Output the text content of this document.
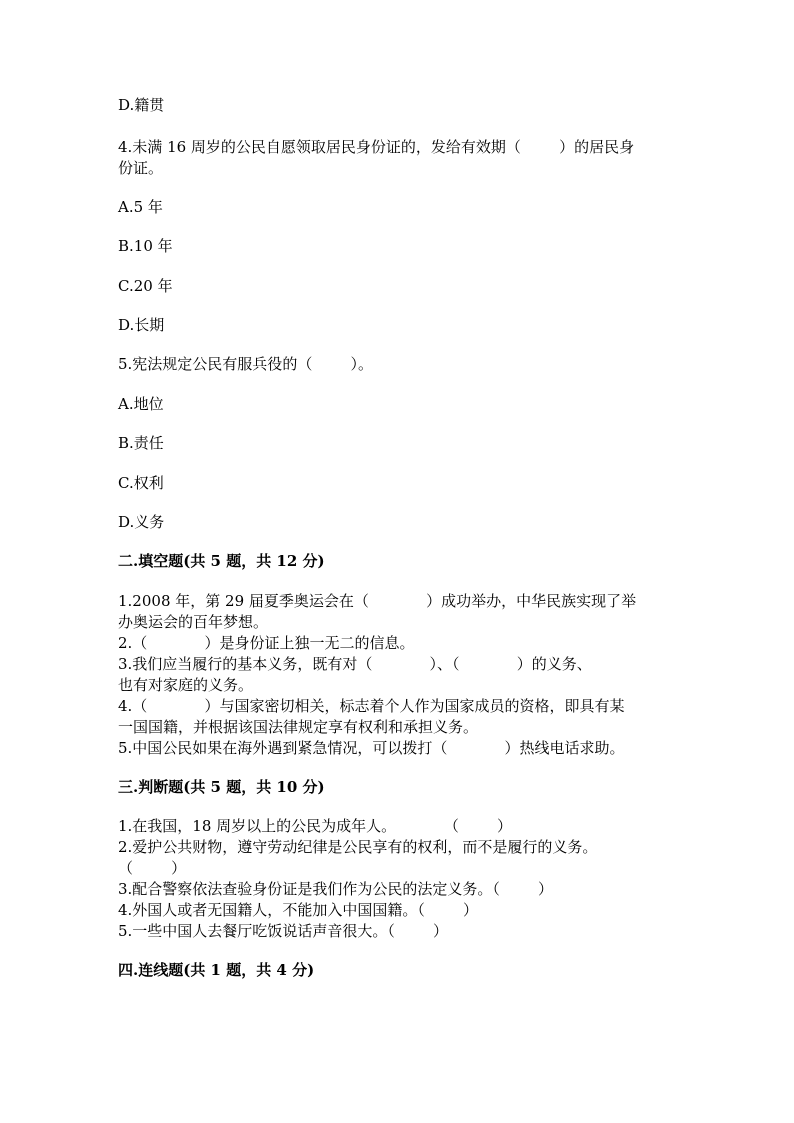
D.籍贯
4.未满 16 周岁的公民自愿领取居民身份证的，发给有效期（        ）的居民身
份证。
A.5 年
B.10 年
C.20 年
D.长期
5.宪法规定公民有服兵役的（        ）。
A.地位
B.责任
C.权利
D.义务
二.填空题(共 5 题，共 12 分)
1.2008 年，第 29 届夏季奥运会在（            ）成功举办，中华民族实现了举
办奥运会的百年梦想。
2.（            ）是身份证上独一无二的信息。
3.我们应当履行的基本义务，既有对（            ）、（            ）的义务、
也有对家庭的义务。
4.（            ）与国家密切相关，标志着个人作为国家成员的资格，即具有某
一国国籍，并根据该国法律规定享有权利和承担义务。
5.中国公民如果在海外遇到紧急情况，可以拨打（            ）热线电话求助。
三.判断题(共 5 题，共 10 分)
1.在我国，18 周岁以上的公民为成年人。          （        ）
2.爱护公共财物，遵守劳动纪律是公民享有的权利，而不是履行的义务。
（        ）
3.配合警察依法查验身份证是我们作为公民的法定义务。（        ）
4.外国人或者无国籍人，不能加入中国国籍。（        ）
5.一些中国人去餐厅吃饭说话声音很大。（        ）
四.连线题(共 1 题，共 4 分)
